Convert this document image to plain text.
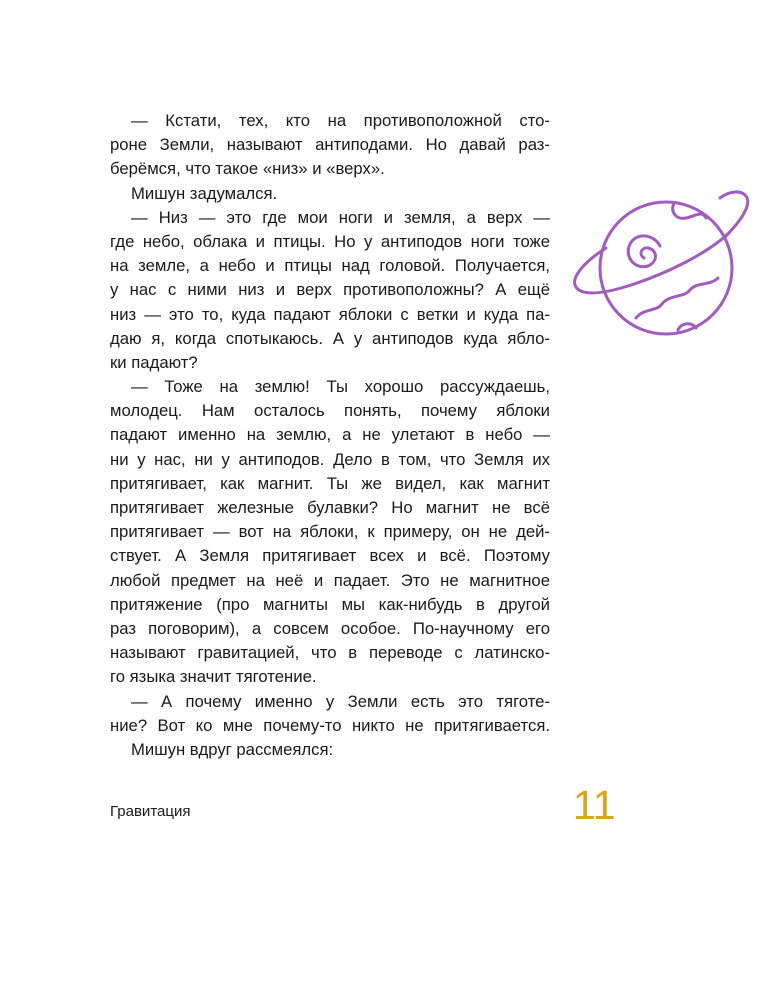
— Кстати, тех, кто на противоположной сто-
роне Земли, называют антиподами. Но давай раз-
берёмся, что такое «низ» и «верх».
Мишун задумался.
— Низ — это где мои ноги и земля, а верх —
где небо, облака и птицы. Но у антиподов ноги тоже
на земле, а небо и птицы над головой. Получается,
у нас с ними низ и верх противоположны? А ещё
низ — это то, куда падают яблоки с ветки и куда па-
даю я, когда спотыкаюсь. А у антиподов куда ябло-
ки падают?
— Тоже на землю! Ты хорошо рассуждаешь,
молодец. Нам осталось понять, почему яблоки
падают именно на землю, а не улетают в небо —
ни у нас, ни у антиподов. Дело в том, что Земля их
притягивает, как магнит. Ты же видел, как магнит
притягивает железные булавки? Но магнит не всё
притягивает — вот на яблоки, к примеру, он не дей-
ствует. А Земля притягивает всех и всё. Поэтому
любой предмет на неё и падает. Это не магнитное
притяжение (про магниты мы как-нибудь в другой
раз поговорим), а совсем особое. По-научному его
называют гравитацией, что в переводе с латинско-
го языка значит тяготение.
— А почему именно у Земли есть это тяготе-
ние? Вот ко мне почему-то никто не притягивается.
Мишун вдруг рассмеялся:
Гравитация	11
